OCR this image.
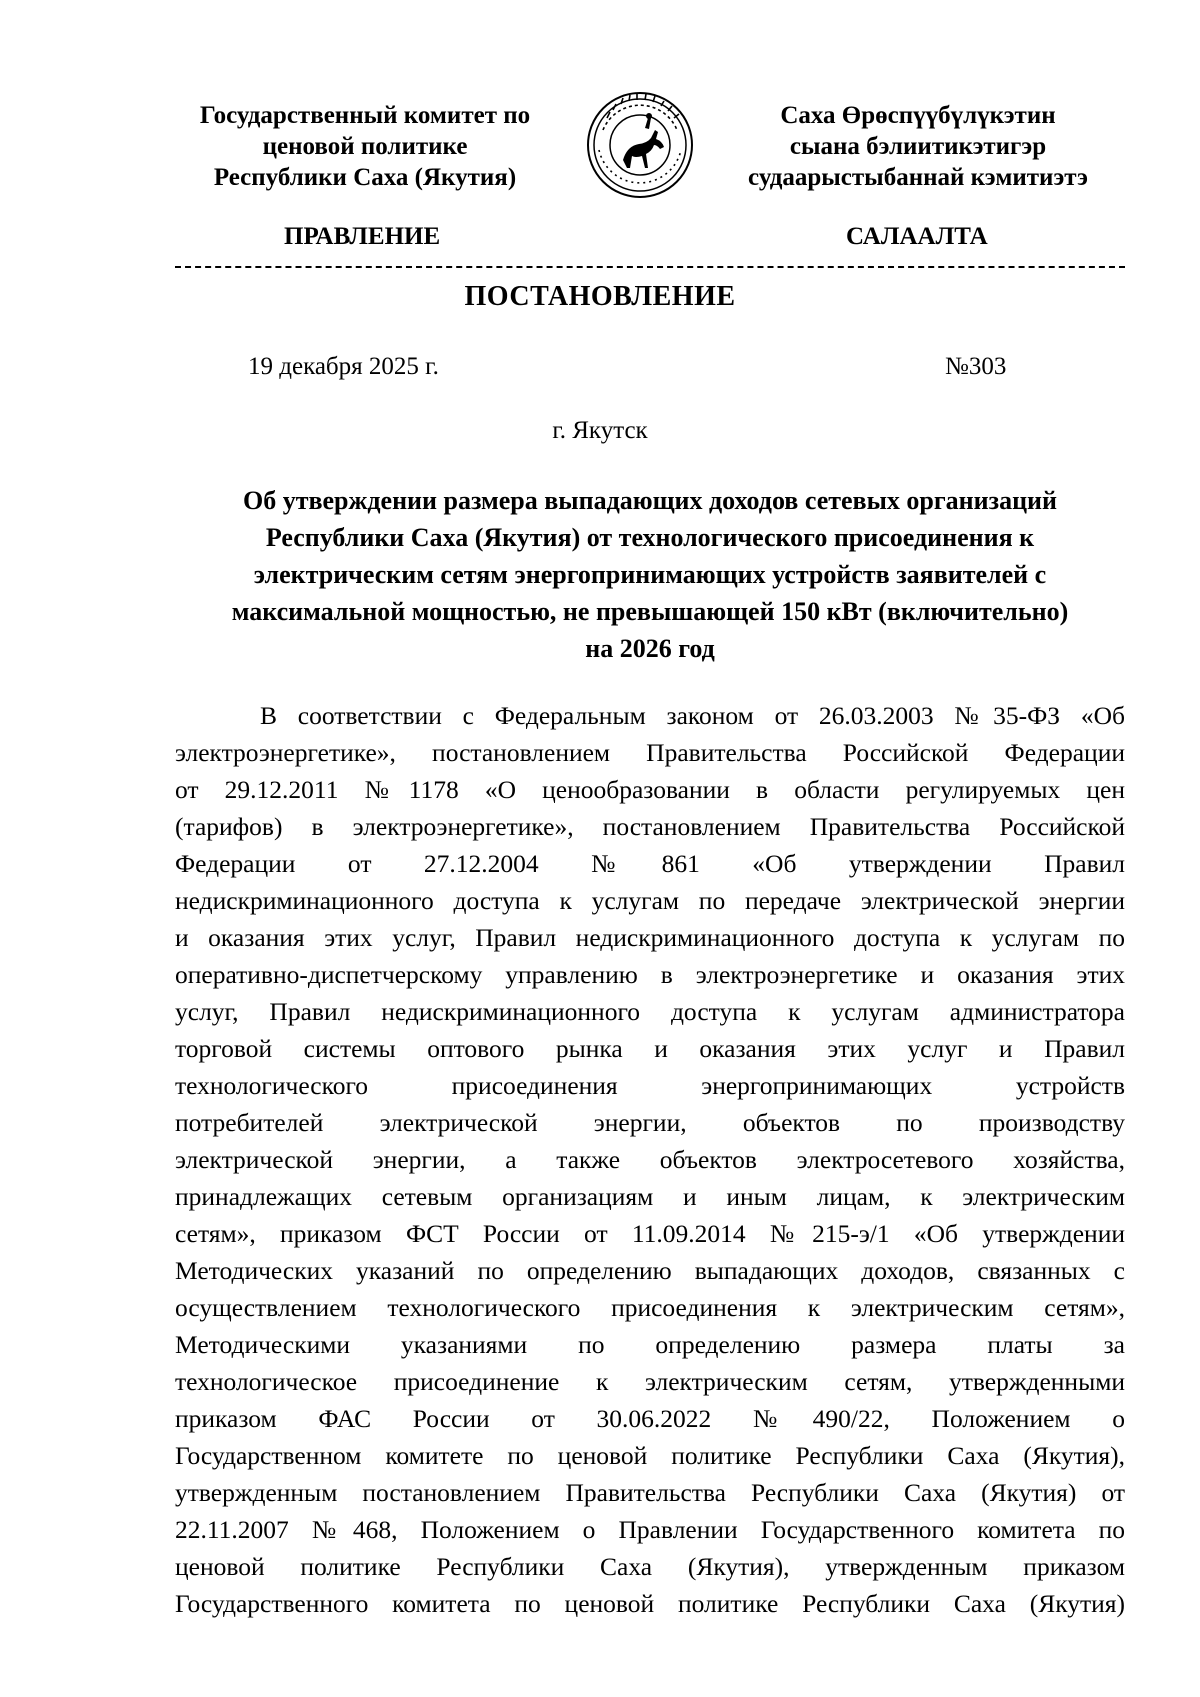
Государственный комитет по
ценовой политике
Республики Саха (Якутия)
Саха Өрөспүүбүлүкэтин
сыана бэлиитикэтигэр
судаарыстыбаннай кэмитиэтэ
ПРАВЛЕНИЕ	САЛААЛТА
ПОСТАНОВЛЕНИЕ
19 декабря 2025 г.	№303
г. Якутск
Об утверждении размера выпадающих доходов сетевых организаций
Республики Саха (Якутия) от технологического присоединения к
электрическим сетям энергопринимающих устройств заявителей с
максимальной мощностью, не превышающей 150 кВт (включительно)
на 2026 год
В соответствии с Федеральным законом от 26.03.2003 №35-ФЗ «Об
электроэнергетике», постановлением Правительства Российской Федерации
от 29.12.2011 №1178 «О ценообразовании в области регулируемых цен
(тарифов) в электроэнергетике», постановлением Правительства Российской
Федерации от 27.12.2004 №861 «Об утверждении Правил
недискриминационного доступа к услугам по передаче электрической энергии
и оказания этих услуг, Правил недискриминационного доступа к услугам по
оперативно-диспетчерскому управлению в электроэнергетике и оказания этих
услуг, Правил недискриминационного доступа к услугам администратора
торговой системы оптового рынка и оказания этих услуг и Правил
технологического присоединения энергопринимающих устройств
потребителей электрической энергии, объектов по производству
электрической энергии, а также объектов электросетевого хозяйства,
принадлежащих сетевым организациям и иным лицам, к электрическим
сетям», приказом ФСТ России от 11.09.2014 №215-э/1 «Об утверждении
Методических указаний по определению выпадающих доходов, связанных с
осуществлением технологического присоединения к электрическим сетям»,
Методическими указаниями по определению размера платы за
технологическое присоединение к электрическим сетям, утвержденными
приказом ФАС России от 30.06.2022 №490/22, Положением о
Государственном комитете по ценовой политике Республики Саха (Якутия),
утвержденным постановлением Правительства Республики Саха (Якутия) от
22.11.2007 №468, Положением о Правлении Государственного комитета по
ценовой политике Республики Саха (Якутия), утвержденным приказом
Государственного комитета по ценовой политике Республики Саха (Якутия)
